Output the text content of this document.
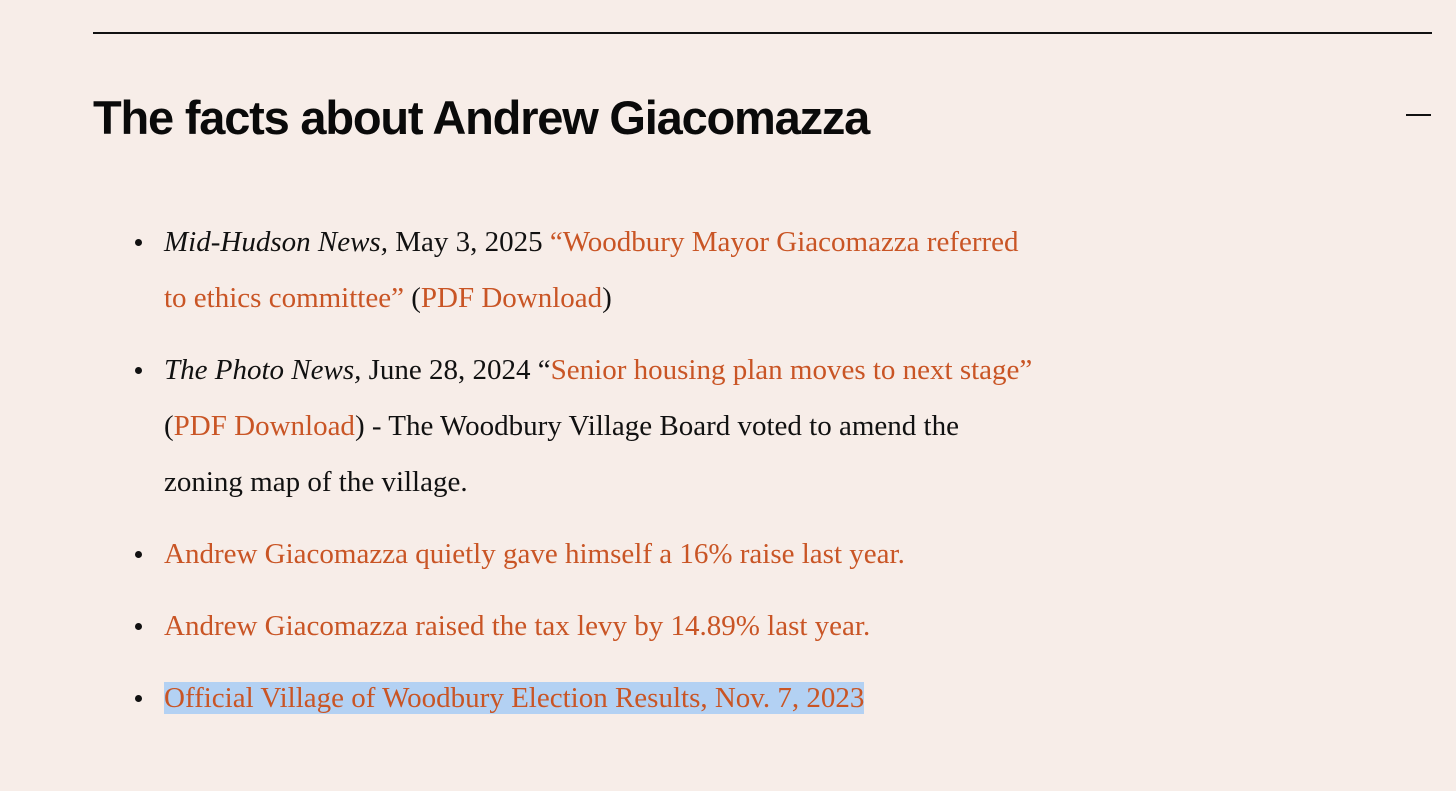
The facts about Andrew Giacomazza
Mid-Hudson News, May 3, 2025 “Woodbury Mayor Giacomazza referred to ethics committee” (PDF Download)
The Photo News, June 28, 2024 “Senior housing plan moves to next stage” (PDF Download) - The Woodbury Village Board voted to amend the zoning map of the village.
Andrew Giacomazza quietly gave himself a 16% raise last year.
Andrew Giacomazza raised the tax levy by 14.89% last year.
Official Village of Woodbury Election Results, Nov. 7, 2023
